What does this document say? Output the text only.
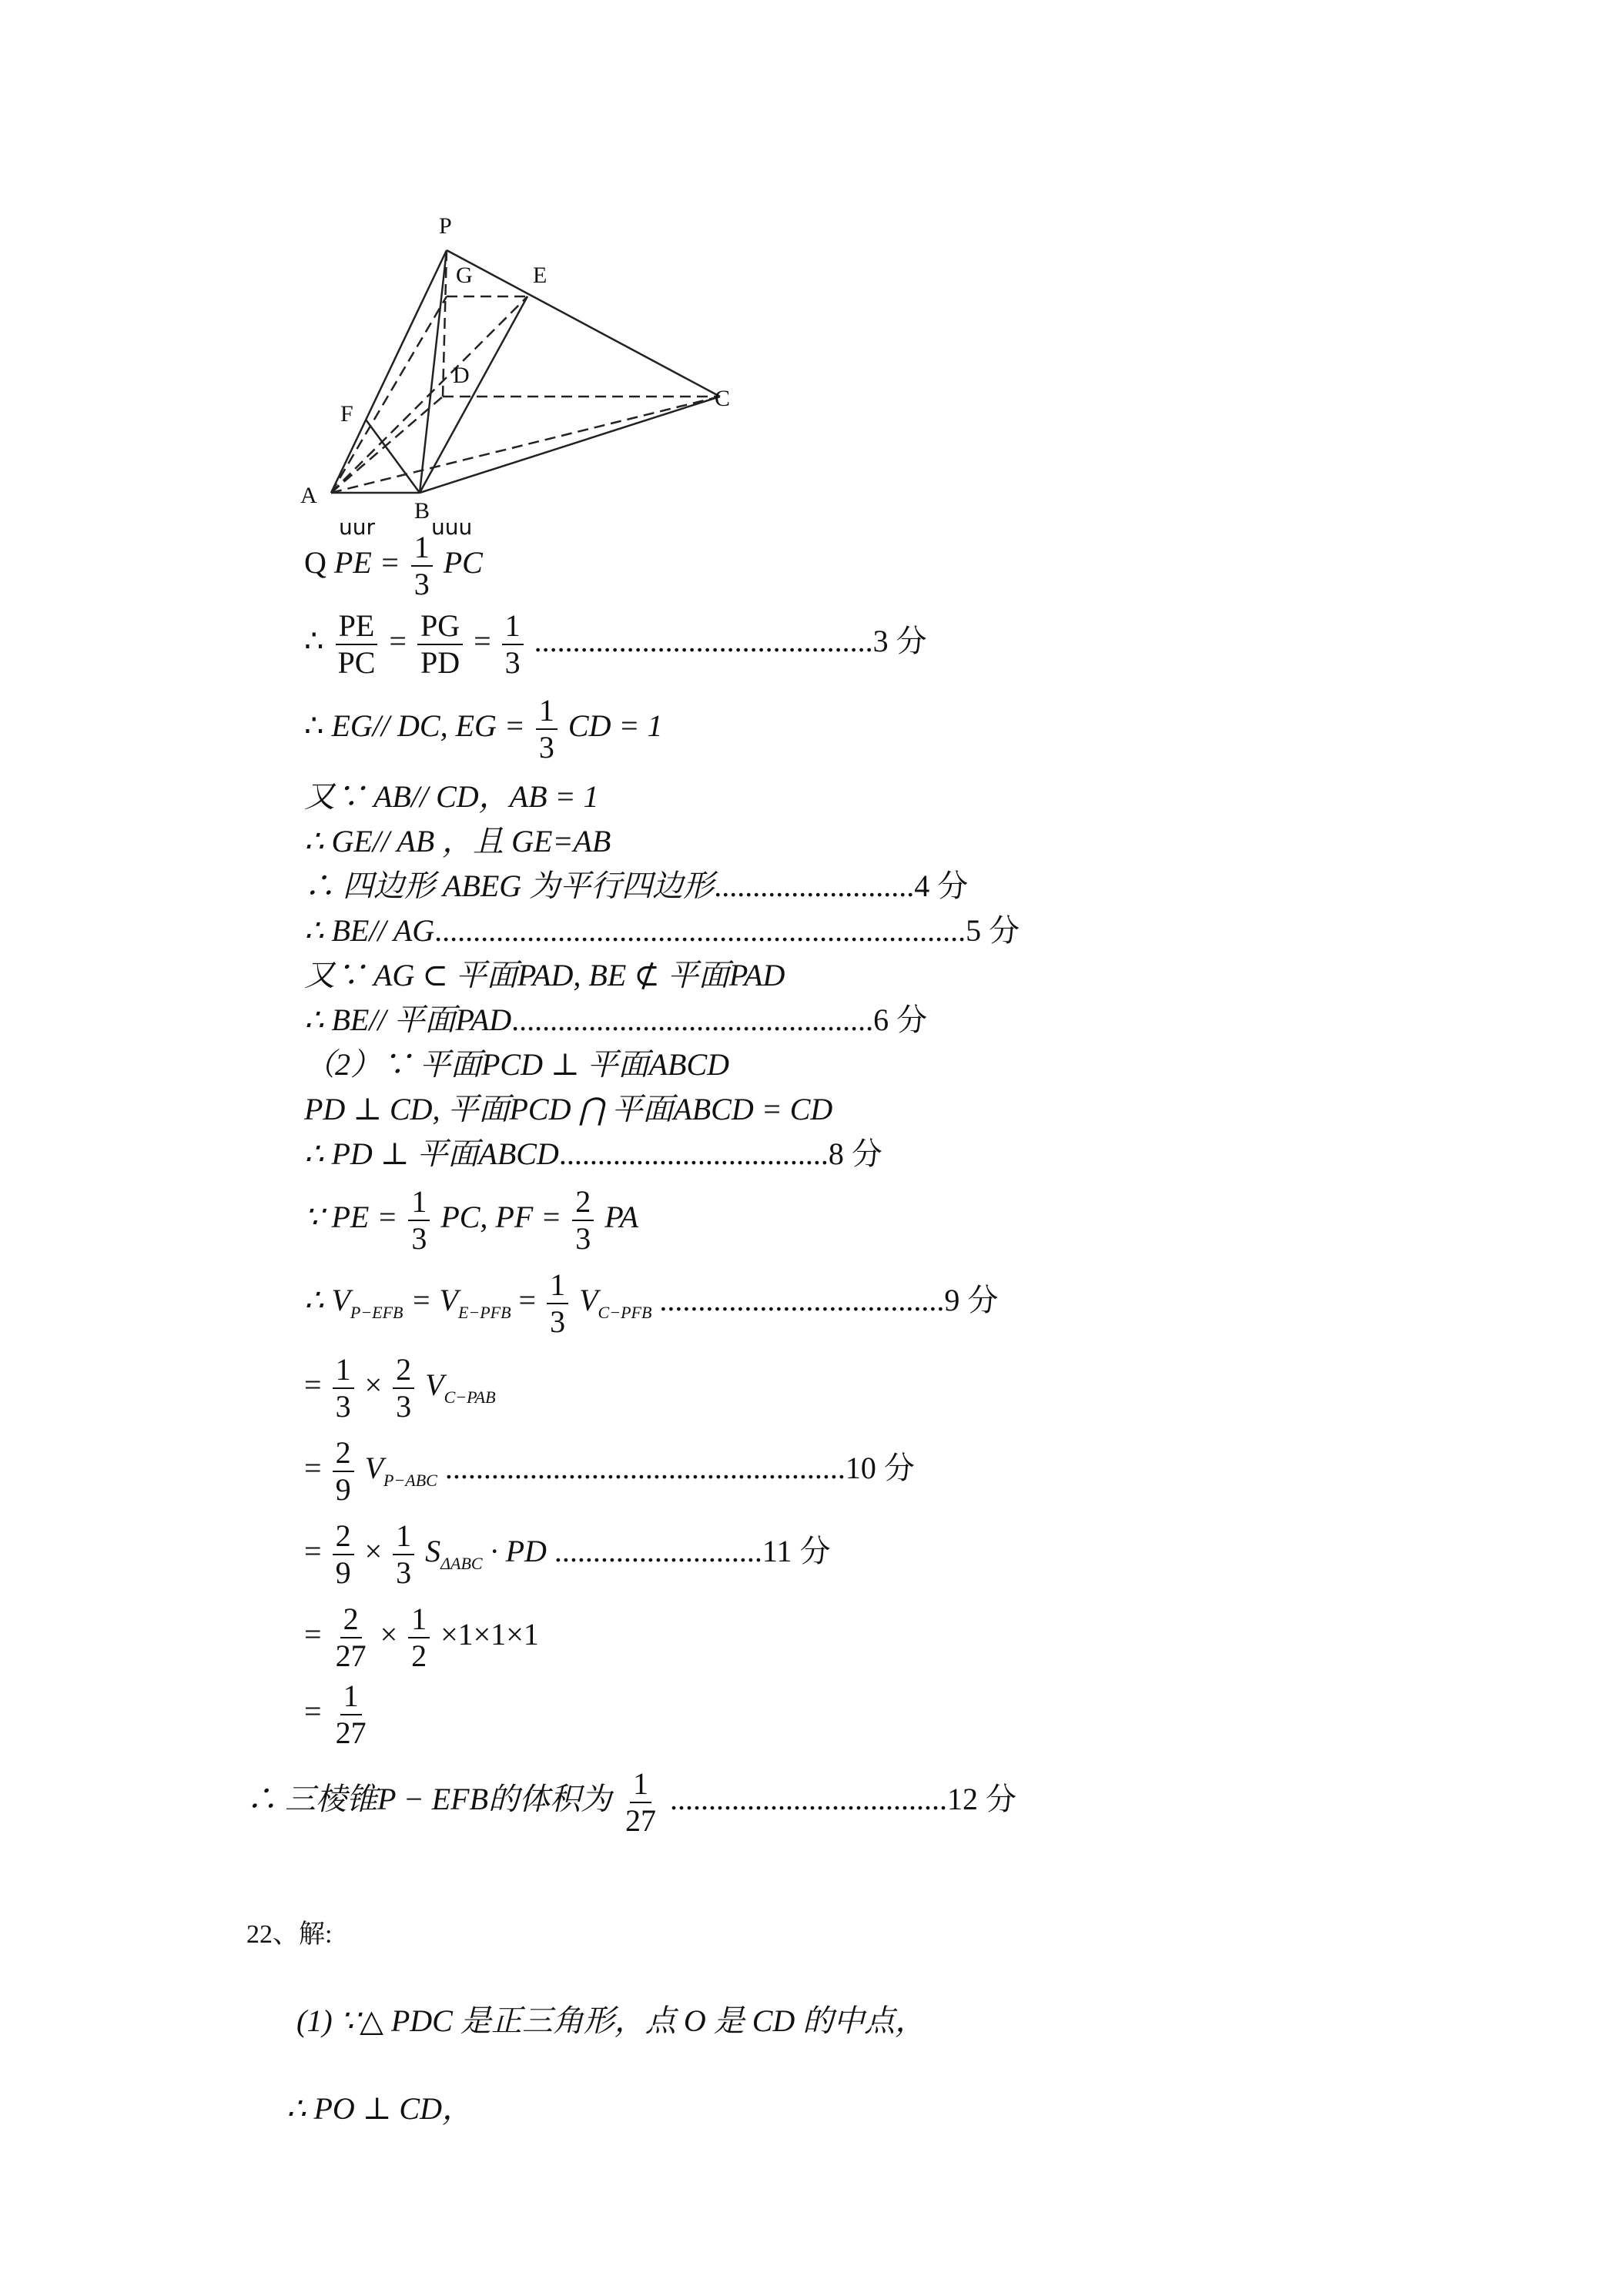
P
G	E
F
D
C
A
B
uur	uuu
Q PE = $\frac{1}{3}$ PC
∴ $\frac{PE}{PC} = \frac{PG}{PD} = \frac{1}{3} ............................................3$ 分
∴ EG// DC, EG = $\frac{1}{3}$ CD = 1
又∵ AB// CD，AB = 1
∴ GE// AB ，且 GE=AB
∴ 四边形 ABEG 为平行四边形..........................4 分
∴ BE// AG.....................................................................5 分
又∵ AG ⊂ 平面PAD, BE ⊄ 平面PAD
∴ BE// 平面PAD...............................................6 分
（2）∵ 平面PCD ⊥ 平面ABCD
PD ⊥ CD, 平面PCD ⋂ 平面ABCD = CD
∴ PD ⊥ 平面ABCD...................................8 分
∵ PE = $\frac{1}{3}$ PC, PF = $\frac{2}{3}$ PA
∴ $V_{P-EFB} = V_{E-PFB} = \frac{1}{3} V_{C-PFB}$ .....................................9 分
= $\frac{1}{3} \times \frac{2}{3} V_{C-PAB}$
= $\frac{2}{9} V_{P-ABC}$ ....................................................10 分
= $\frac{2}{9} \times \frac{1}{3} S_{\Delta ABC}$ · PD ...........................11 分
= $\frac{2}{27} \times \frac{1}{2} \times 1\times 1\times 1$
= $\frac{1}{27}$
∴ 三棱锥P − EFB的体积为 $\frac{1}{27} ....................................12$ 分
22、解:
(1) ∵△ PDC 是正三角形，点 O 是 CD 的中点，
∴ PO ⊥ CD，
